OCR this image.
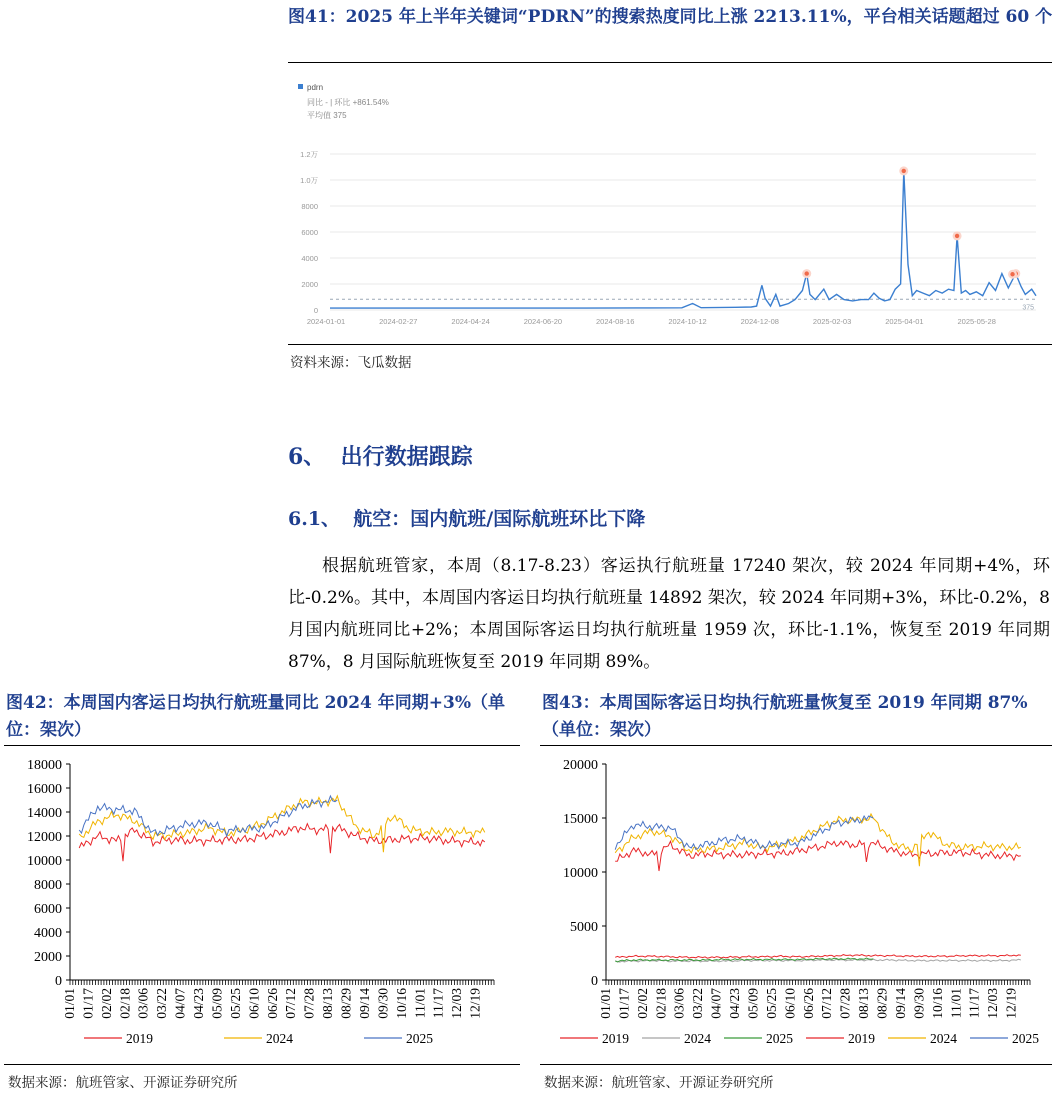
图41：2025 年上半年关键词“PDRN”的搜索热度同比上涨 2213.11%，平台相关话题超过 60 个
pdrn
同比 - | 环比 +861.54%
平均值 375
0
2000
4000
6000
8000
1.0万
1.2万
2024-01-01	2024-02-27	2024-04-24	2024-06-20	2024-08-16	2024-10-12	2024-12-08	2025-02-03	2025-04-01	2025-05-28
375
资料来源：飞瓜数据
6、  出行数据跟踪
6.1、  航空：国内航班/国际航班环比下降

根据航班管家，本周（8.17-8.23）客运执行航班量 17240 架次，较 2024 年同期+4%，环比-0.2%。其中，本周国内客运日均执行航班量 14892 架次，较 2024 年同期+3%，环比-0.2%，8 月国内航班同比+2%；本周国际客运日均执行航班量 1959 次，环比-1.1%，恢复至 2019 年同期 87%，8 月国际航班恢复至 2019 年同期 89%。

图42：本周国内客运日均执行航班量同比 2024 年同期+3%（单位：架次）
0
2000
4000
6000
8000
10000
12000
14000
16000
18000
01/01 01/17 02/02 02/18 03/06 03/22 04/07 04/23 05/09 05/25 06/10 06/26 07/12 07/28 08/13 08/29 09/14 09/30 10/16 11/01 11/17 12/03 12/19
2019	2024	2025
数据来源：航班管家、开源证券研究所
图43：本周国际客运日均执行航班量恢复至 2019 年同期 87%（单位：架次）
0
5000
10000
15000
20000
01/01 01/17 02/02 02/18 03/06 03/22 04/07 04/23 05/09 05/25 06/10 06/26 07/12 07/28 08/13 08/29 09/14 09/30 10/16 11/01 11/17 12/03 12/19
2019	2024	2025	2019	2024	2025
数据来源：航班管家、开源证券研究所
